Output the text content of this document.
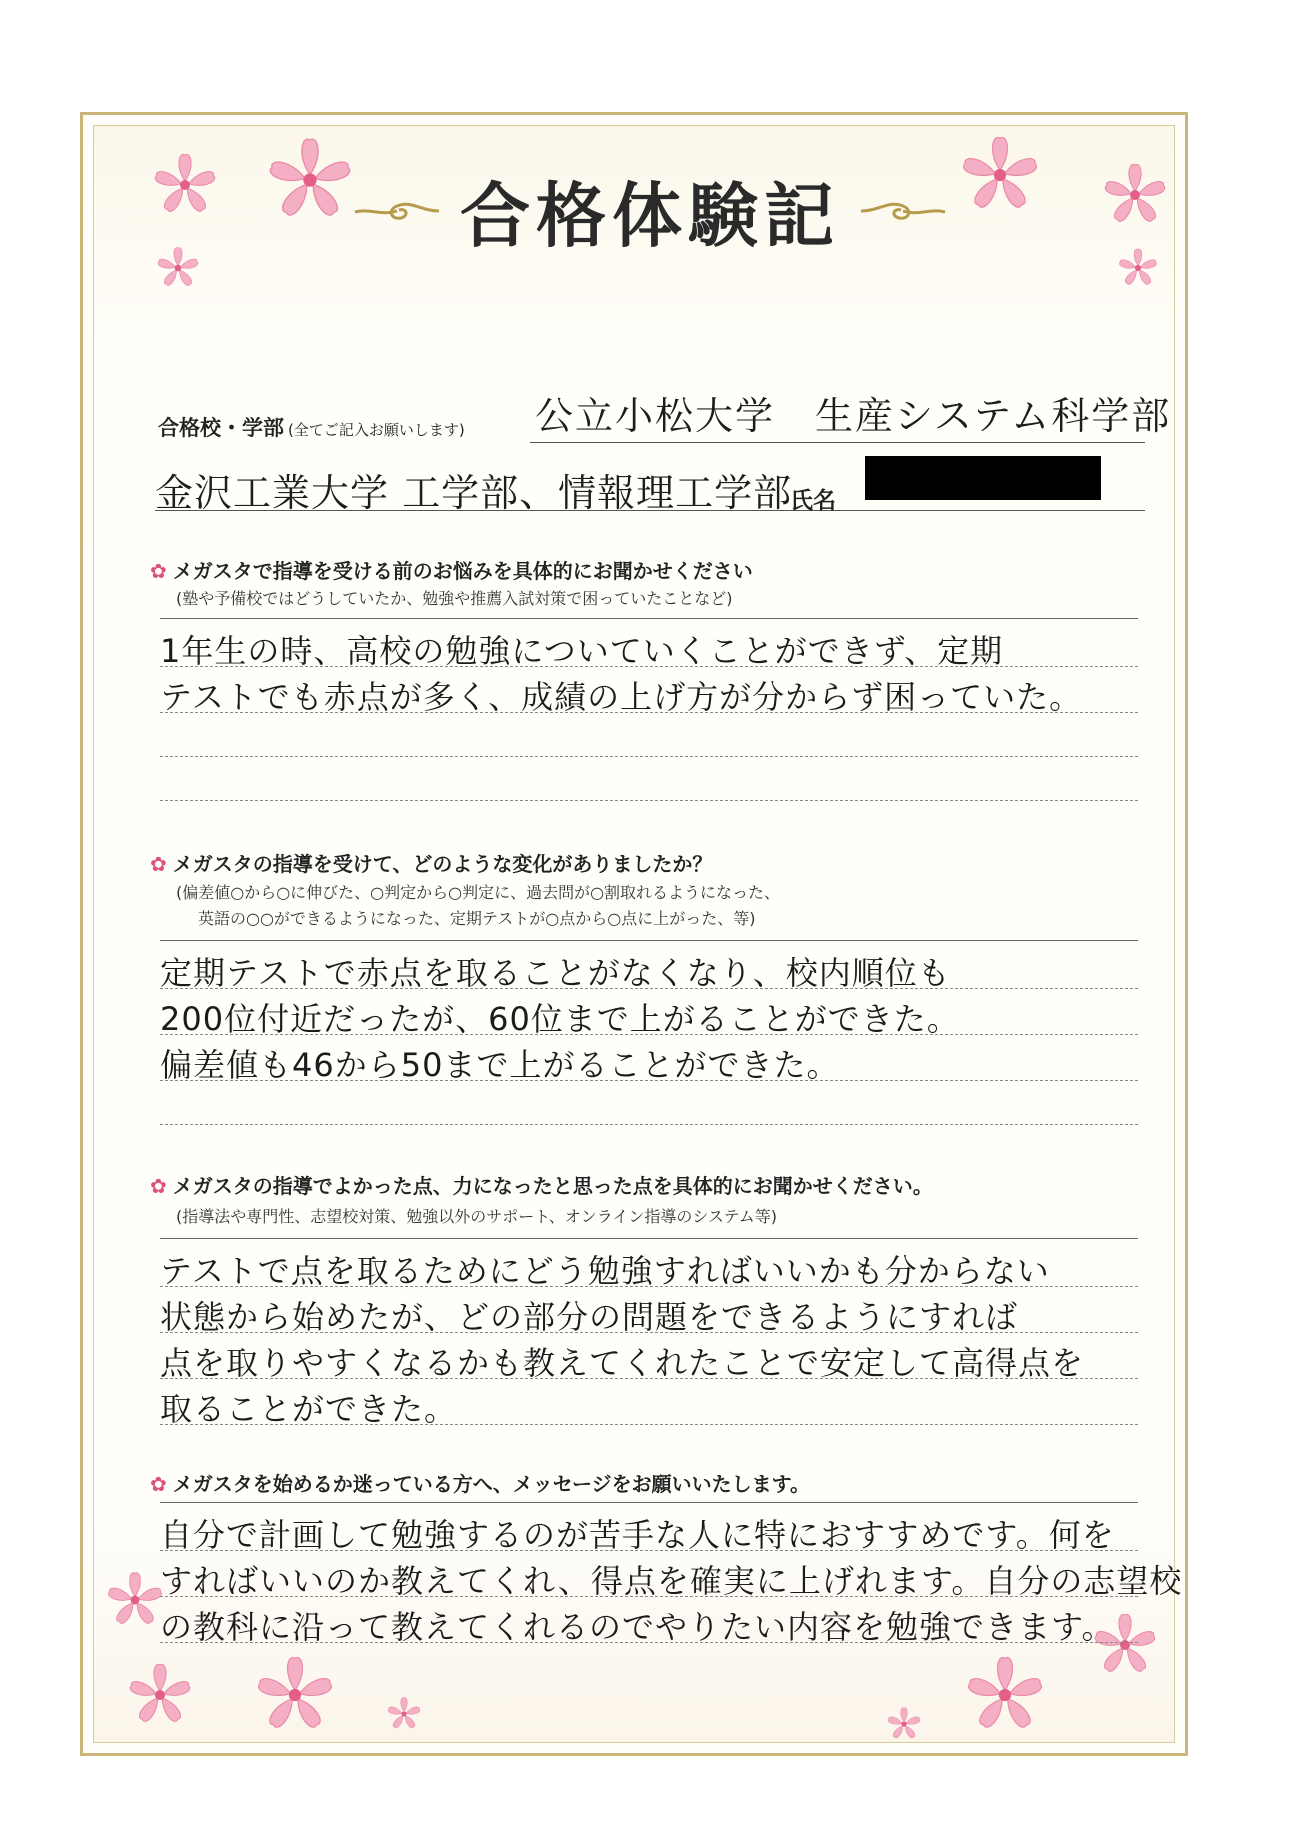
合格体験記
合格校・学部 (全てご記入お願いします) 公立小松大学　生産システム科学部
金沢工業大学 工学部、情報理工学部
氏名
✿ メガスタで指導を受ける前のお悩みを具体的にお聞かせください
(塾や予備校ではどうしていたか、勉強や推薦入試対策で困っていたことなど)
1年生の時、高校の勉強についていくことができず、定期
テストでも赤点が多く、成績の上げ方が分からず困っていた。
✿ メガスタの指導を受けて、どのような変化がありましたか？
(偏差値○から○に伸びた、○判定から○判定に、過去問が○割取れるようになった、
英語の○○ができるようになった、定期テストが○点から○点に上がった、等)
定期テストで赤点を取ることがなくなり、校内順位も
200位付近だったが、60位まで上がることができた。
偏差値も46から50まで上がることができた。
✿ メガスタの指導でよかった点、力になったと思った点を具体的にお聞かせください。
(指導法や専門性、志望校対策、勉強以外のサポート、オンライン指導のシステム等)
テストで点を取るためにどう勉強すればいいかも分からない
状態から始めたが、どの部分の問題をできるようにすれば
点を取りやすくなるかも教えてくれたことで安定して高得点を
取ることができた。
✿ メガスタを始めるか迷っている方へ、メッセージをお願いいたします。
自分で計画して勉強するのが苦手な人に特におすすめです。何を
すればいいのか教えてくれ、得点を確実に上げれます。自分の志望校
の教科に沿って教えてくれるのでやりたい内容を勉強できます。
